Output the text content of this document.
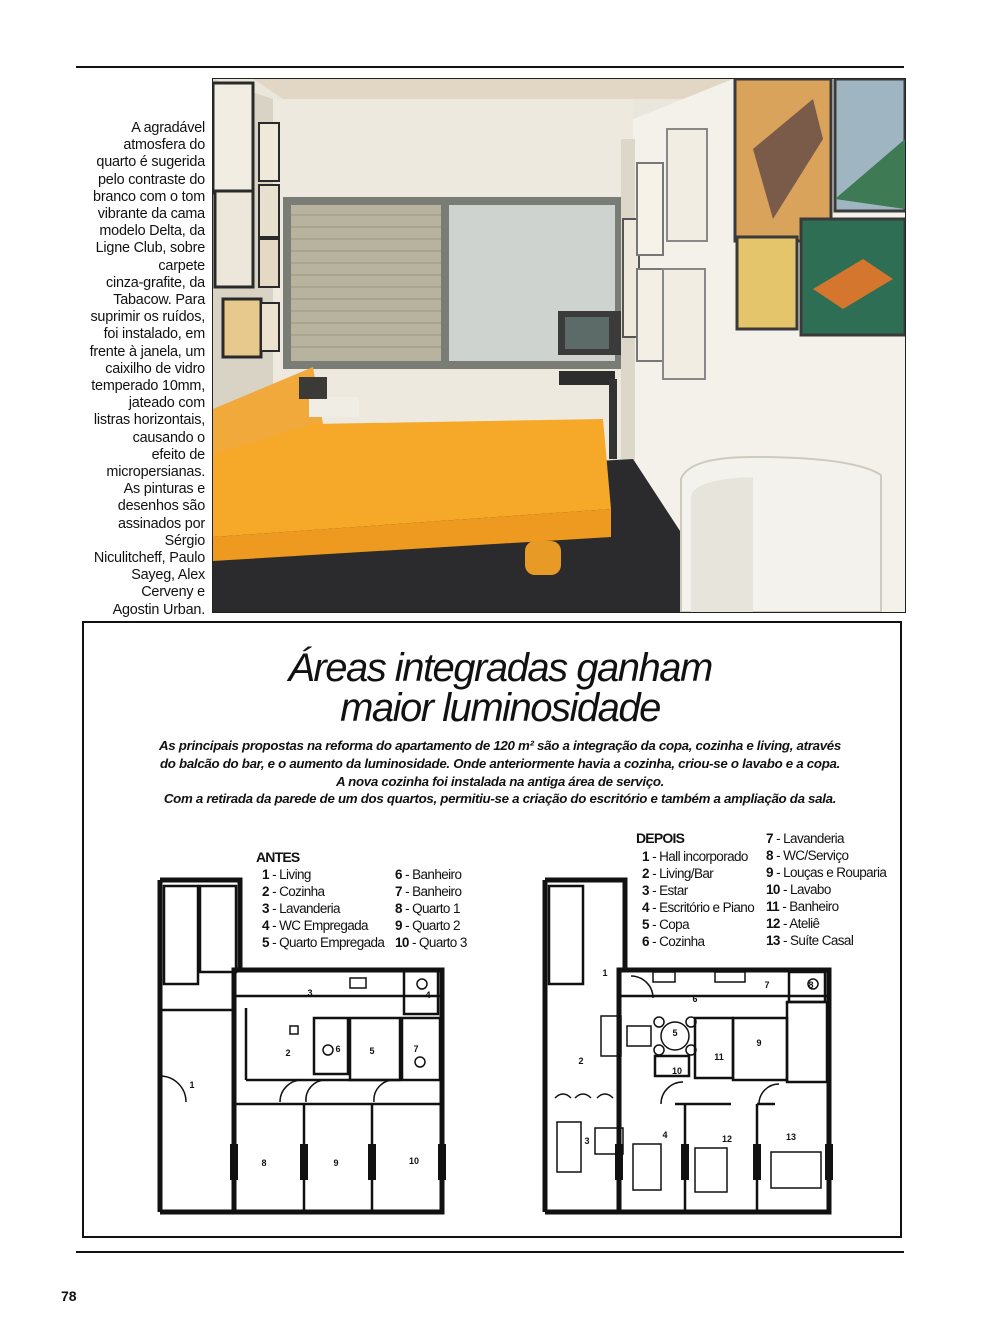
A agradável
atmosfera do
quarto é sugerida
pelo contraste do
branco com o tom
vibrante da cama
modelo Delta, da
Ligne Club, sobre
carpete
cinza-grafite, da
Tabacow. Para
suprimir os ruídos,
foi instalado, em
frente à janela, um
caixilho de vidro
temperado 10mm,
jateado com
listras horizontais,
causando o
efeito de
micropersianas.
As pinturas e
desenhos são
assinados por
Sérgio
Niculitcheff, Paulo
Sayeg, Alex
Cerveny e
Agostin Urban.
Áreas integradas ganham
maior luminosidade

As principais propostas na reforma do apartamento de 120 m² são a integração da copa, cozinha e living, através

do balcão do bar, e o aumento da luminosidade. Onde anteriormente havia a cozinha, criou-se o lavabo e a copa.

A nova cozinha foi instalada na antiga área de serviço.

Com a retirada da parede de um dos quartos, permitiu-se a criação do escritório e também a ampliação da sala.

ANTES
1 - Living
2 - Cozinha
3 - Lavanderia
4 - WC Empregada
5 - Quarto Empregada
6 - Banheiro
7 - Banheiro
8 - Quarto 1
9 - Quarto 2
10 - Quarto 3
DEPOIS
1 - Hall incorporado
2 - Living/Bar
3 - Estar
4 - Escritório e Piano
5 - Copa
6 - Cozinha
7 - Lavanderia
8 - WC/Serviço
9 - Louças e Rouparia
10 - Lavabo
11 - Banheiro
12 - Ateliê
13 - Suíte Casal
1
2
3	4
5
6	7
8	9	10
1
2
3
4
5
6
7	8
9
10
11
12	13
78
